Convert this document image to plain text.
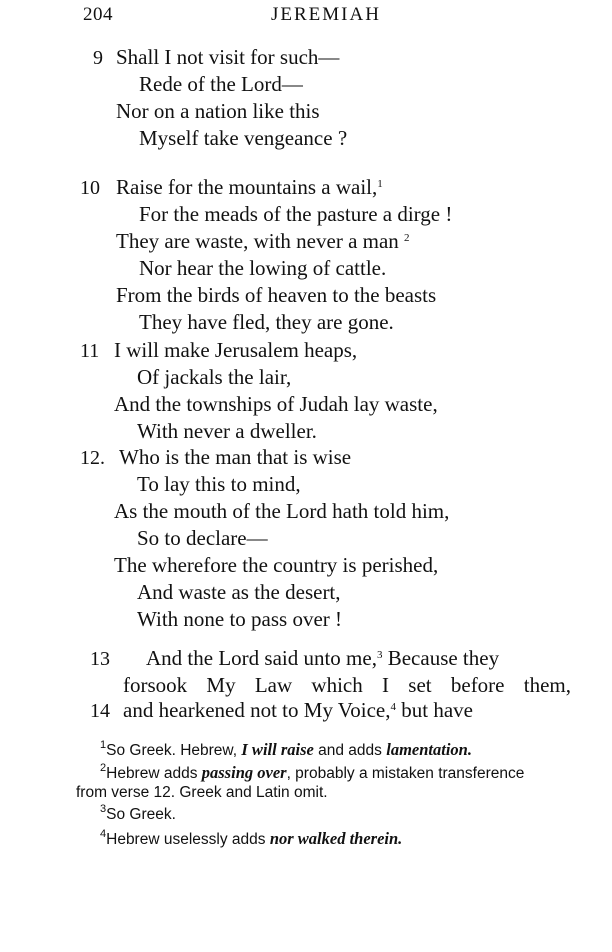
204	JEREMIAH
9 Shall I not visit for such—
Rede of the Lord—
Nor on a nation like this
Myself take vengeance ?
10 Raise for the mountains a wail,$^1$
For the meads of the pasture a dirge !
They are waste, with never a man $^2$
Nor hear the lowing of cattle.
From the birds of heaven to the beasts
They have fled, they are gone.
11 I will make Jerusalem heaps,
Of jackals the lair,
And the townships of Judah lay waste,
With never a dweller.
12. Who is the man that is wise
To lay this to mind,
As the mouth of the Lord hath told him,
So to declare—
The wherefore the country is perished,
And waste as the desert,
With none to pass over !
13 And the Lord said unto me,$^3$ Because they
forsook My Law which I set before them,
14 and hearkened not to My Voice,$^4$ but have
$^1$So Greek. Hebrew, I will raise and adds lamentation.
$^2$Hebrew adds passing over, probably a mistaken transference
from verse 12. Greek and Latin omit.
$^3$So Greek.
$^4$Hebrew uselessly adds nor walked therein.
